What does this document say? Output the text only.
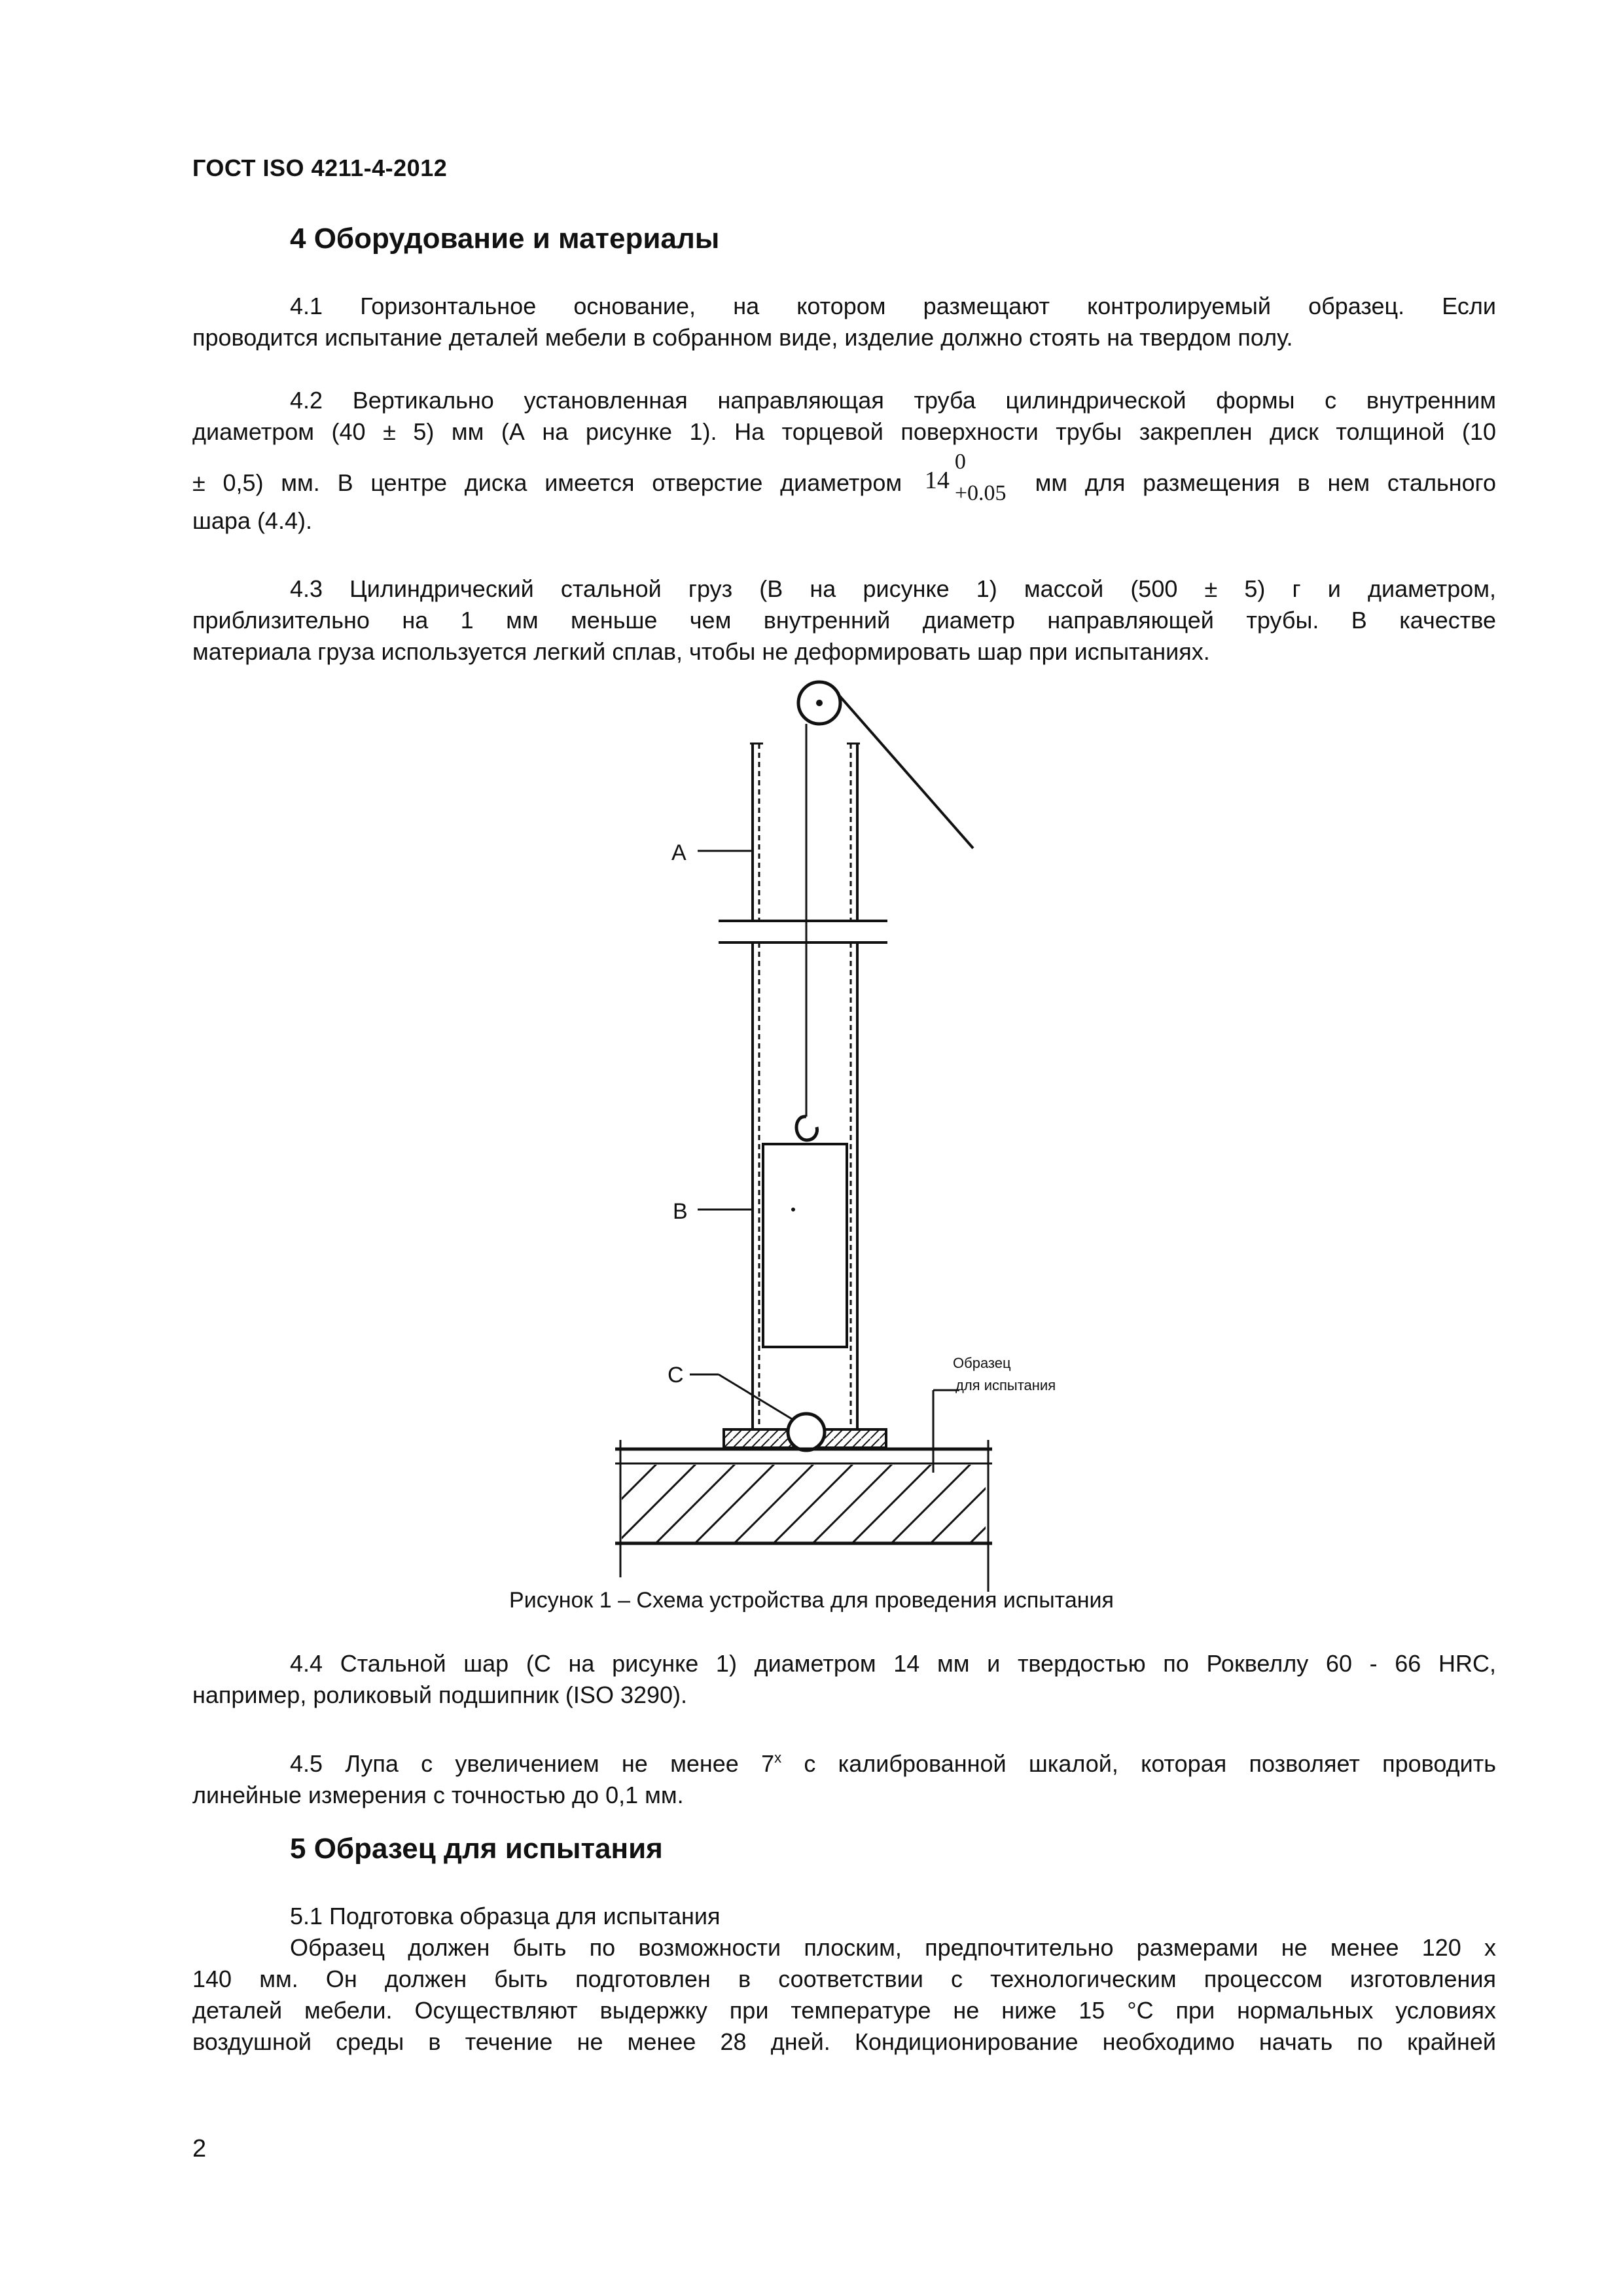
ГОСТ ISO 4211-4-2012
4 Оборудование и материалы
4.1 Горизонтальное основание, на котором размещают контролируемый образец. Если
проводится испытание деталей мебели в собранном виде, изделие должно стоять на твердом полу.
4.2 Вертикально установленная направляющая труба цилиндрической формы с внутренним
диаметром (40 ± 5) мм (А на рисунке 1). На торцевой поверхности трубы закреплен диск толщиной (10
± 0,5) мм. В центре диска имеется отверстие диаметром 14
0
+0.05 мм для размещения в нем стального
шара (4.4).
4.3 Цилиндрический стальной груз (В на рисунке 1) массой (500 ± 5) г и диаметром,
приблизительно на 1 мм меньше чем внутренний диаметр направляющей трубы. В качестве
материала груза используется легкий сплав, чтобы не деформировать шар при испытаниях.
A
B
C	Образец
для испытания
Рисунок 1 – Схема устройства для проведения испытания
4.4 Стальной шар (С на рисунке 1) диаметром 14 мм и твердостью по Роквеллу 60 - 66 HRC,
например, роликовый подшипник (ISO 3290).
4.5 Лупа с увеличением не менее $7^х$ с калиброванной шкалой, которая позволяет проводить
линейные измерения с точностью до 0,1 мм.
5 Образец для испытания
5.1 Подготовка образца для испытания
Образец должен быть по возможности плоским, предпочтительно размерами не менее 120 х
140 мм. Он должен быть подготовлен в соответствии с технологическим процессом изготовления
деталей мебели. Осуществляют выдержку при температуре не ниже 15 °С при нормальных условиях
воздушной среды в течение не менее 28 дней. Кондиционирование необходимо начать по крайней
2
